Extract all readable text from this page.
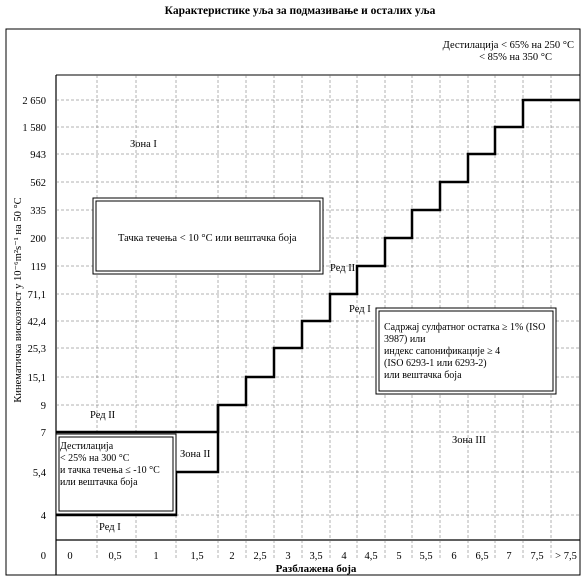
Карактеристике уља за подмазивање и осталих уља
Дестилација < 65% на 250 °C
< 85% на 350 °C
2 650
1 580
943
562
335
200
119
71,1
42,4
25,3
15,1
9
7
5,4
4
0 0	0,5	1	1,5 2 2,5 3 3,5 4 4,5 5 5,5 6 6,5 7 7,5 > 7,5
Разблажена боја
Кинематичка вискозност у 10⁻⁶m²s⁻¹ на 50 °C
Зона I
Зона II
Зона III
Ред II
Ред I
Ред II
Ред I
Тачка течења < 10 °C или вештачка боја
Садржај сулфатног остатка ≥ 1% (ISO
3987) или
индекс сапонификације ≥ 4
(ISO 6293-1 или 6293-2)
или вештачка боја
Дестилација
< 25% на 300 °C
и тачка течења ≤ -10 °C
или вештачка боја
